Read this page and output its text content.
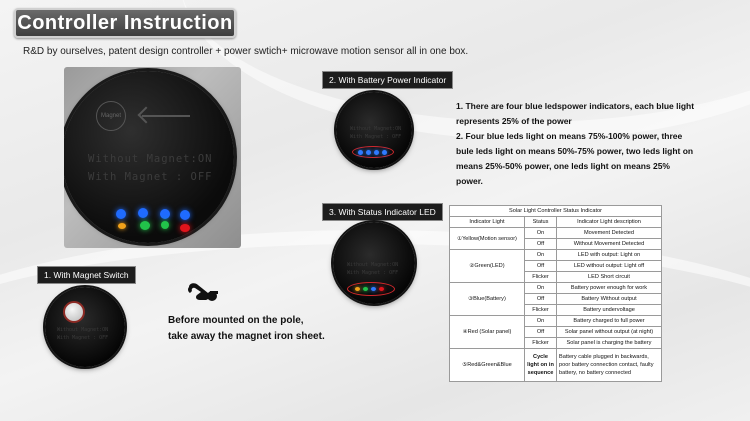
Controller Instruction
R&D by ourselves, patent design controller + power swtich+ microwave motion sensor all in one box.
Magnet
Without Magnet:ON
With Magnet : OFF
2. With Battery Power Indicator
Without Magnet:ON
With Magnet : OFF
3. With Status Indicator LED
Without Magnet:ON
With Magnet : OFF
1. With Magnet Switch
Without Magnet:ON
With Magnet : OFF
Before mounted on the pole,
take away the magnet iron sheet.
1. There are four blue ledspower indicators, each blue light represents 25% of the power
2. Four blue leds light on means 75%-100% power, three bule leds light on means 50%-75% power, two leds light on means 25%-50% power, one leds light on means 25% power.
Solar Light Controller Status Indicator		
Indicator Light	Status	Indicator Light description
①Yellow(Motion sensor)	On	Movement Detected
	Off	Without Movement Detected
②Green(LED)	On	LED with output: Light on
	Off	LED without output: Light off
	Flicker	LED Short circuit
③Blue(Battery)	On	Battery power enough for work
	Off	Battery Without output
	Flicker	Battery undervoltage
④Red (Solar panel)	On	Battery charged to full power
	Off	Solar panel without output (at night)
	Flicker	Solar panel is charging the battery
⑤Red&Green&Blue	Cycle light on in sequence	Battery cable plugged in backwards, poor battery connection contact, faulty battery, no battery connected
